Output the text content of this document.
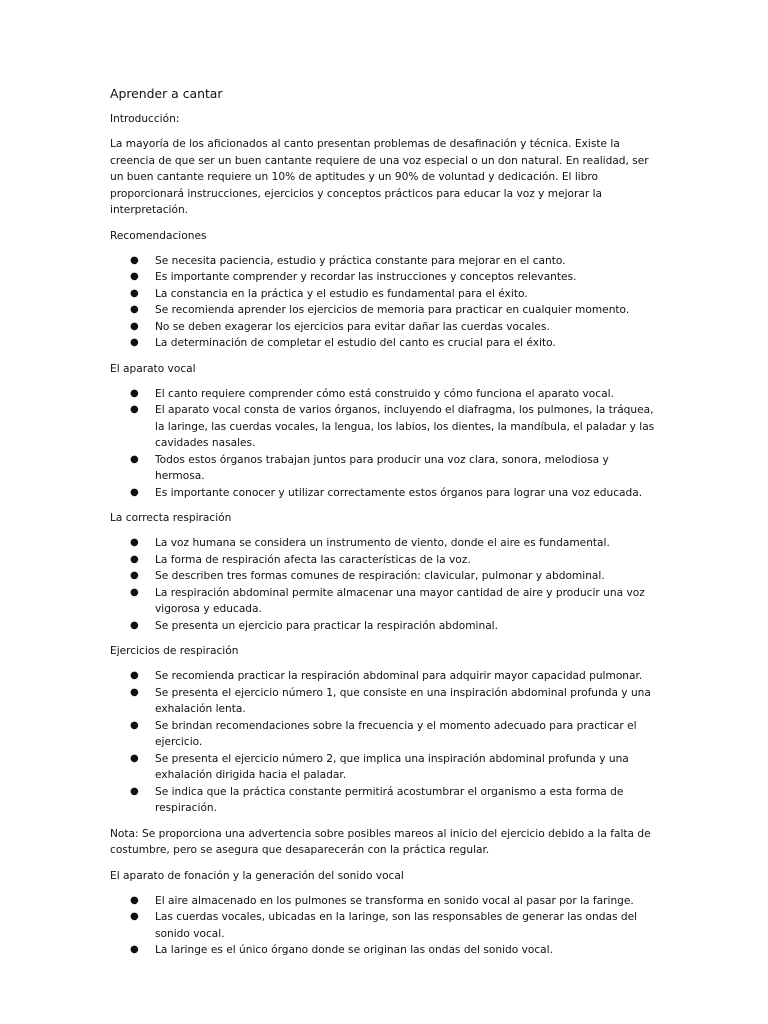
Aprender a cantar
Introducción:

La mayoría de los aficionados al canto presentan problemas de desafinación y técnica. Existe la creencia de que ser un buen cantante requiere de una voz especial o un don natural. En realidad, ser un buen cantante requiere un 10% de aptitudes y un 90% de voluntad y dedicación. El libro proporcionará instrucciones, ejercicios y conceptos prácticos para educar la voz y mejorar la interpretación.

Recomendaciones
● Se necesita paciencia, estudio y práctica constante para mejorar en el canto.
● Es importante comprender y recordar las instrucciones y conceptos relevantes.
● La constancia en la práctica y el estudio es fundamental para el éxito.
● Se recomienda aprender los ejercicios de memoria para practicar en cualquier momento.
● No se deben exagerar los ejercicios para evitar dañar las cuerdas vocales.
● La determinación de completar el estudio del canto es crucial para el éxito.
El aparato vocal
● El canto requiere comprender cómo está construido y cómo funciona el aparato vocal.
● El aparato vocal consta de varios órganos, incluyendo el diafragma, los pulmones, la tráquea, la laringe, las cuerdas vocales, la lengua, los labios, los dientes, la mandíbula, el paladar y las cavidades nasales.
● Todos estos órganos trabajan juntos para producir una voz clara, sonora, melodiosa y hermosa.
● Es importante conocer y utilizar correctamente estos órganos para lograr una voz educada.
La correcta respiración
● La voz humana se considera un instrumento de viento, donde el aire es fundamental.
● La forma de respiración afecta las características de la voz.
● Se describen tres formas comunes de respiración: clavicular, pulmonar y abdominal.
● La respiración abdominal permite almacenar una mayor cantidad de aire y producir una voz vigorosa y educada.
● Se presenta un ejercicio para practicar la respiración abdominal.
Ejercicios de respiración
● Se recomienda practicar la respiración abdominal para adquirir mayor capacidad pulmonar.
● Se presenta el ejercicio número 1, que consiste en una inspiración abdominal profunda y una exhalación lenta.
● Se brindan recomendaciones sobre la frecuencia y el momento adecuado para practicar el ejercicio.
● Se presenta el ejercicio número 2, que implica una inspiración abdominal profunda y una exhalación dirigida hacia el paladar.
● Se indica que la práctica constante permitirá acostumbrar el organismo a esta forma de respiración.

Nota: Se proporciona una advertencia sobre posibles mareos al inicio del ejercicio debido a la falta de costumbre, pero se asegura que desaparecerán con la práctica regular.

El aparato de fonación y la generación del sonido vocal
● El aire almacenado en los pulmones se transforma en sonido vocal al pasar por la faringe.
● Las cuerdas vocales, ubicadas en la laringe, son las responsables de generar las ondas del sonido vocal.
● La laringe es el único órgano donde se originan las ondas del sonido vocal.
